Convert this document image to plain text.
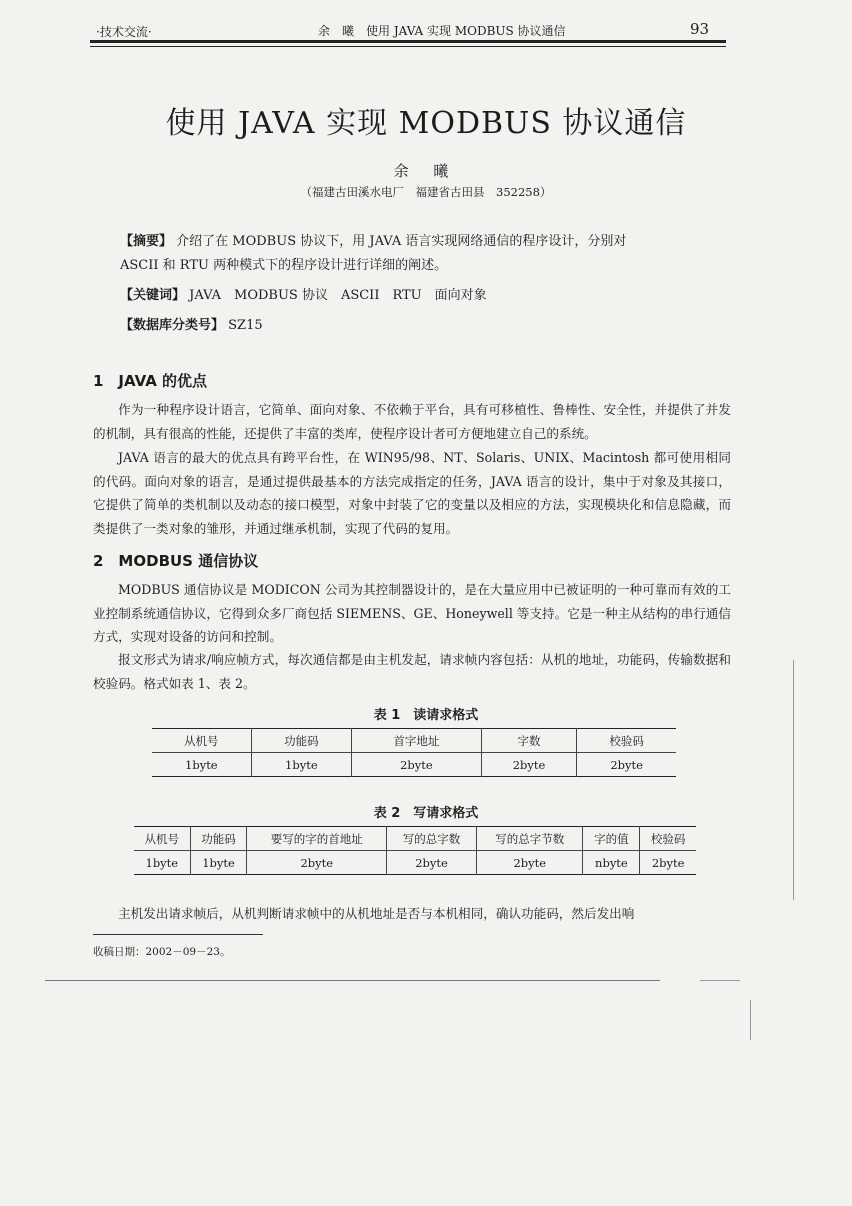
·技术交流·	余　曦　使用 JAVA 实现 MODBUS 协议通信	93
使用 JAVA 实现 MODBUS 协议通信
余 曦
（福建古田溪水电厂　福建省古田县　352258）
【摘要】 介绍了在 MODBUS 协议下，用 JAVA 语言实现网络通信的程序设计，分别对
ASCII 和 RTU 两种模式下的程序设计进行详细的阐述。
【关键词】 JAVA　MODBUS 协议　ASCII　RTU　面向对象
【数据库分类号】 SZ15
1　JAVA 的优点
作为一种程序设计语言，它简单、面向对象、不依赖于平台，具有可移植性、鲁棒性、安全性，并提供了并发的机制，具有很高的性能，还提供了丰富的类库，使程序设计者可方便地建立自己的系统。
JAVA 语言的最大的优点具有跨平台性，在 WIN95/98、NT、Solaris、UNIX、Macintosh 都可使用相同的代码。面向对象的语言，是通过提供最基本的方法完成指定的任务，JAVA 语言的设计，集中于对象及其接口，它提供了简单的类机制以及动态的接口模型，对象中封装了它的变量以及相应的方法，实现模块化和信息隐藏，而类提供了一类对象的雏形，并通过继承机制，实现了代码的复用。
2　MODBUS 通信协议
MODBUS 通信协议是 MODICON 公司为其控制器设计的，是在大量应用中已被证明的一种可靠而有效的工业控制系统通信协议，它得到众多厂商包括 SIEMENS、GE、Honeywell 等支持。它是一种主从结构的串行通信方式，实现对设备的访问和控制。
报文形式为请求/响应帧方式，每次通信都是由主机发起，请求帧内容包括：从机的地址，功能码，传输数据和校验码。格式如表 1、表 2。
表 1　读请求格式
从机号	功能码	首字地址	字数	校验码
1byte	1byte	2byte	2byte	2byte
表 2　写请求格式
从机号	功能码	要写的字的首地址	写的总字数	写的总字节数	字的值	校验码
1byte	1byte	2byte	2byte	2byte	nbyte	2byte
主机发出请求帧后，从机判断请求帧中的从机地址是否与本机相同，确认功能码，然后发出响
收稿日期：2002－09－23。
